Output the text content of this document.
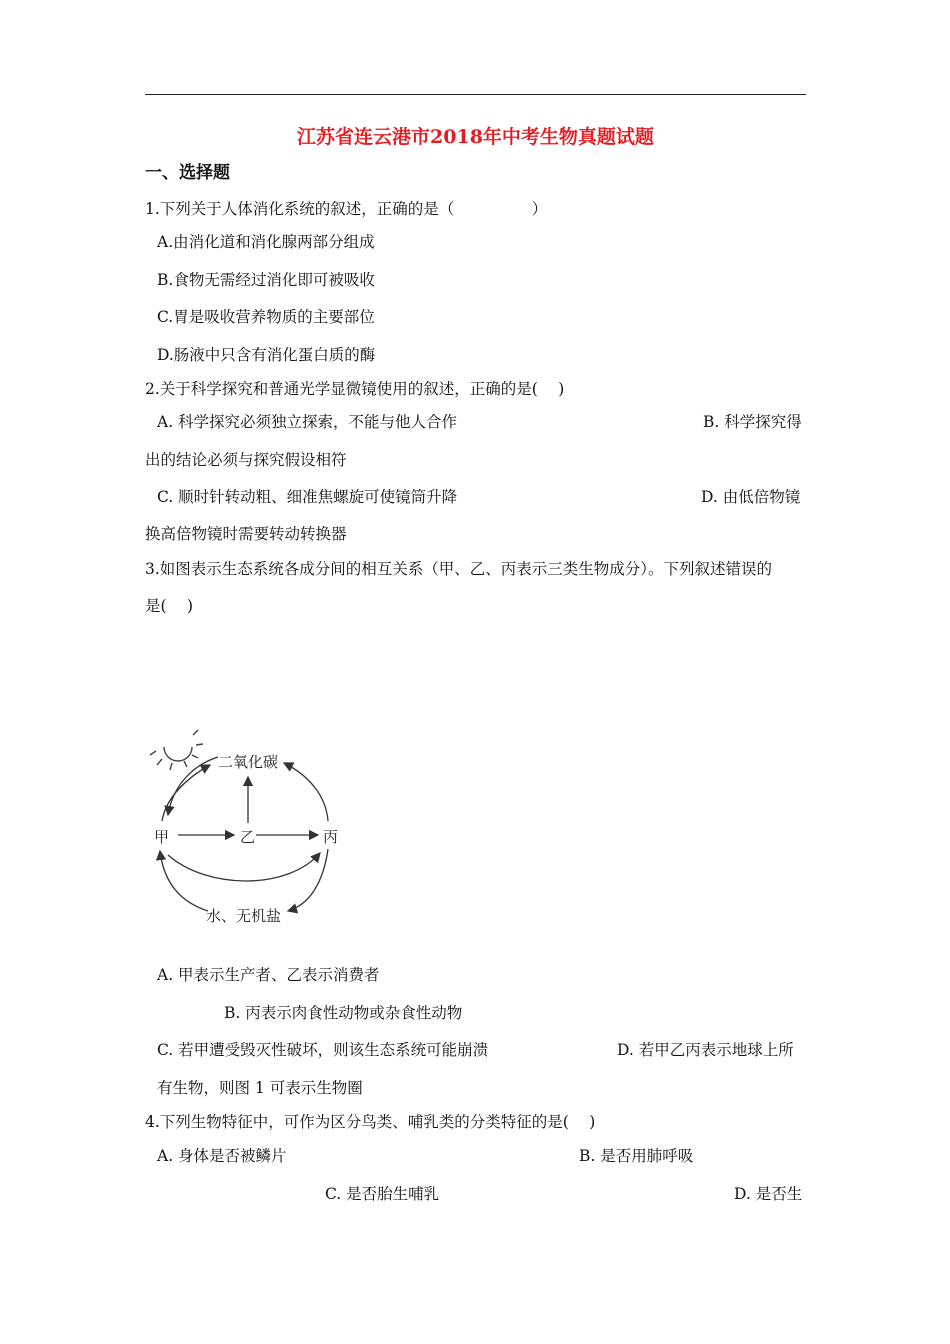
江苏省连云港市2018年中考生物真题试题
一、选择题
1.下列关于人体消化系统的叙述，正确的是（　　　　　）
A.由消化道和消化腺两部分组成
B.食物无需经过消化即可被吸收
C.胃是吸收营养物质的主要部位
D.肠液中只含有消化蛋白质的酶
2.关于科学探究和普通光学显微镜使用的叙述，正确的是(　 )
A. 科学探究必须独立探索，不能与他人合作	B. 科学探究得
出的结论必须与探究假设相符
C. 顺时针转动粗、细准焦螺旋可使镜筒升降	D. 由低倍物镜
换高倍物镜时需要转动转换器
3.如图表示生态系统各成分间的相互关系（甲、乙、丙表示三类生物成分）。下列叙述错误的
是(　 )
二氧化碳
甲	乙	丙
水、无机盐
A. 甲表示生产者、乙表示消费者
B. 丙表示肉食性动物或杂食性动物
C. 若甲遭受毁灭性破坏，则该生态系统可能崩溃	D. 若甲乙丙表示地球上所
有生物，则图 1 可表示生物圈
4.下列生物特征中，可作为区分鸟类、哺乳类的分类特征的是(　 )
A. 身体是否被鳞片	B. 是否用肺呼吸
C. 是否胎生哺乳	D. 是否生
